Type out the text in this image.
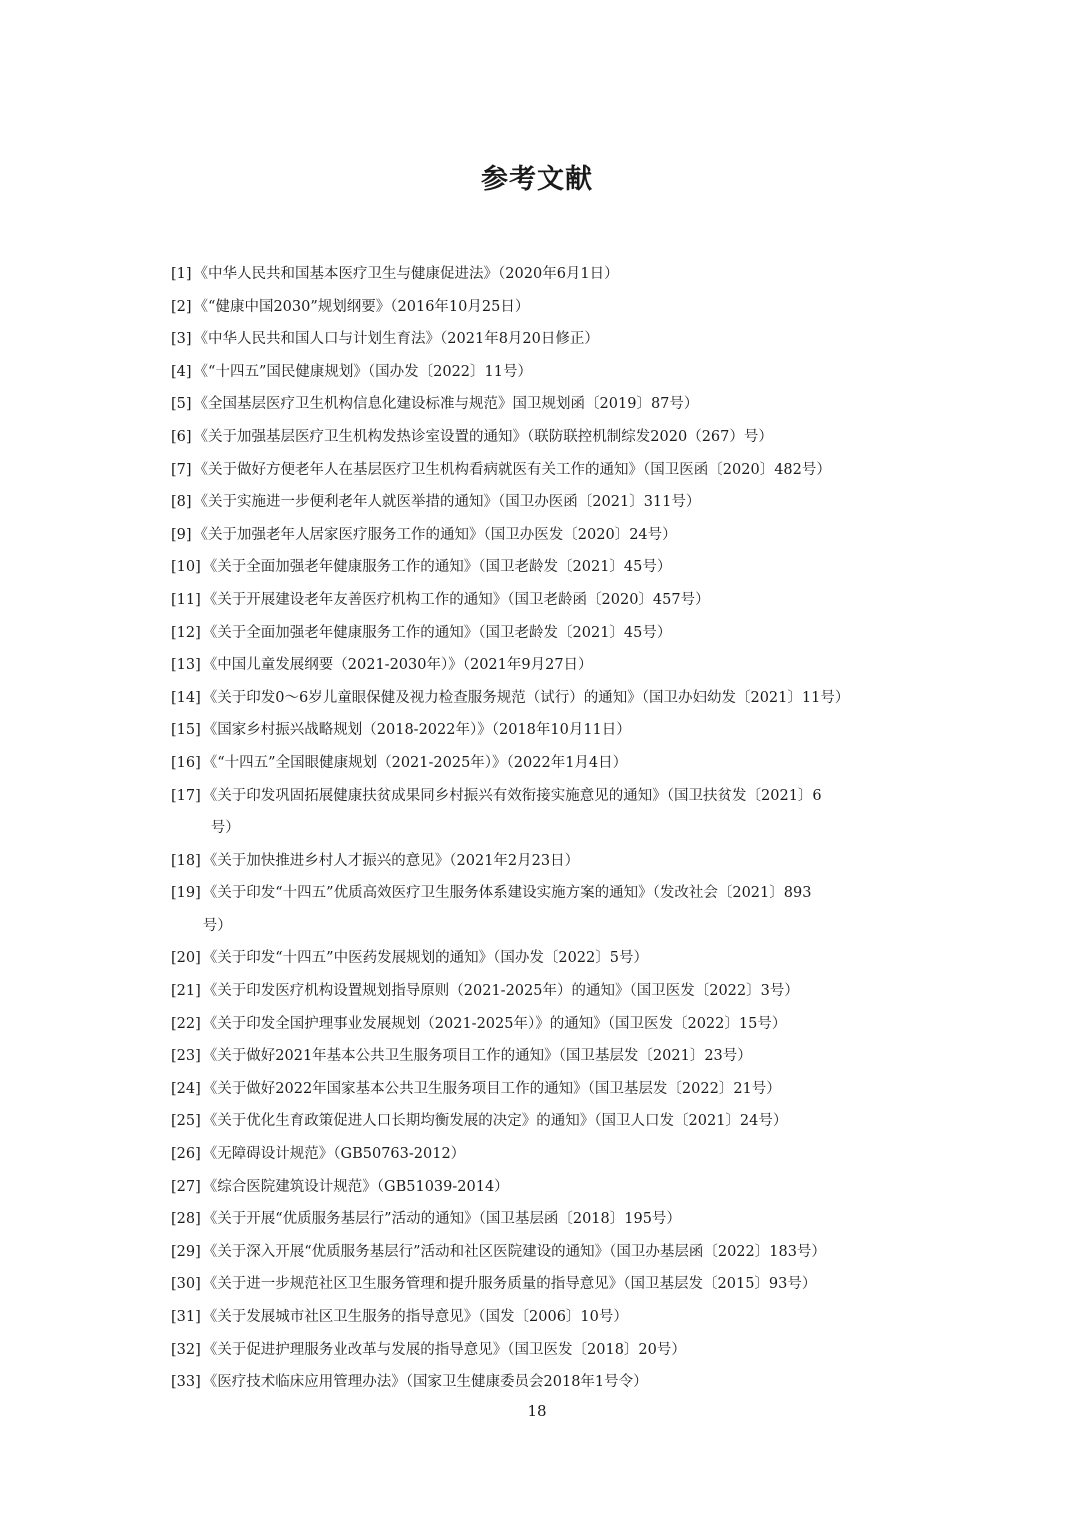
参考文献
[1] 《中华人民共和国基本医疗卫生与健康促进法》（2020年6月1日）
[2] 《“健康中国2030”规划纲要》（2016年10月25日）
[3] 《中华人民共和国人口与计划生育法》（2021年8月20日修正）
[4] 《“十四五”国民健康规划》（国办发〔2022〕11号）
[5] 《全国基层医疗卫生机构信息化建设标准与规范》国卫规划函〔2019〕87号）
[6] 《关于加强基层医疗卫生机构发热诊室设置的通知》（联防联控机制综发2020（267）号）
[7] 《关于做好方便老年人在基层医疗卫生机构看病就医有关工作的通知》（国卫医函〔2020〕482号）
[8] 《关于实施进一步便利老年人就医举措的通知》（国卫办医函〔2021〕311号）
[9] 《关于加强老年人居家医疗服务工作的通知》（国卫办医发〔2020〕24号）
[10] 《关于全面加强老年健康服务工作的通知》（国卫老龄发〔2021〕45号）
[11] 《关于开展建设老年友善医疗机构工作的通知》（国卫老龄函〔2020〕457号）
[12] 《关于全面加强老年健康服务工作的通知》（国卫老龄发〔2021〕45号）
[13] 《中国儿童发展纲要（2021-2030年）》（2021年9月27日）
[14] 《关于印发0～6岁儿童眼保健及视力检查服务规范（试行）的通知》（国卫办妇幼发〔2021〕11号）
[15] 《国家乡村振兴战略规划（2018-2022年）》（2018年10月11日）
[16] 《“十四五”全国眼健康规划（2021-2025年）》（2022年1月4日）
[17] 《关于印发巩固拓展健康扶贫成果同乡村振兴有效衔接实施意见的通知》（国卫扶贫发〔2021〕6
号）
[18] 《关于加快推进乡村人才振兴的意见》（2021年2月23日）
[19] 《关于印发“十四五”优质高效医疗卫生服务体系建设实施方案的通知》（发改社会〔2021〕893
号）
[20] 《关于印发“十四五”中医药发展规划的通知》（国办发〔2022〕5号）
[21] 《关于印发医疗机构设置规划指导原则（2021-2025年）的通知》（国卫医发〔2022〕3号）
[22] 《关于印发全国护理事业发展规划（2021-2025年）》的通知》（国卫医发〔2022〕15号）
[23] 《关于做好2021年基本公共卫生服务项目工作的通知》（国卫基层发〔2021〕23号）
[24] 《关于做好2022年国家基本公共卫生服务项目工作的通知》（国卫基层发〔2022〕21号）
[25] 《关于优化生育政策促进人口长期均衡发展的决定》的通知》（国卫人口发〔2021〕24号）
[26] 《无障碍设计规范》（GB50763-2012）
[27] 《综合医院建筑设计规范》（GB51039-2014）
[28] 《关于开展“优质服务基层行”活动的通知》（国卫基层函〔2018〕195号）
[29] 《关于深入开展“优质服务基层行”活动和社区医院建设的通知》（国卫办基层函〔2022〕183号）
[30] 《关于进一步规范社区卫生服务管理和提升服务质量的指导意见》（国卫基层发〔2015〕93号）
[31] 《关于发展城市社区卫生服务的指导意见》（国发〔2006〕10号）
[32] 《关于促进护理服务业改革与发展的指导意见》（国卫医发〔2018〕20号）
[33] 《医疗技术临床应用管理办法》（国家卫生健康委员会2018年1号令）
18
